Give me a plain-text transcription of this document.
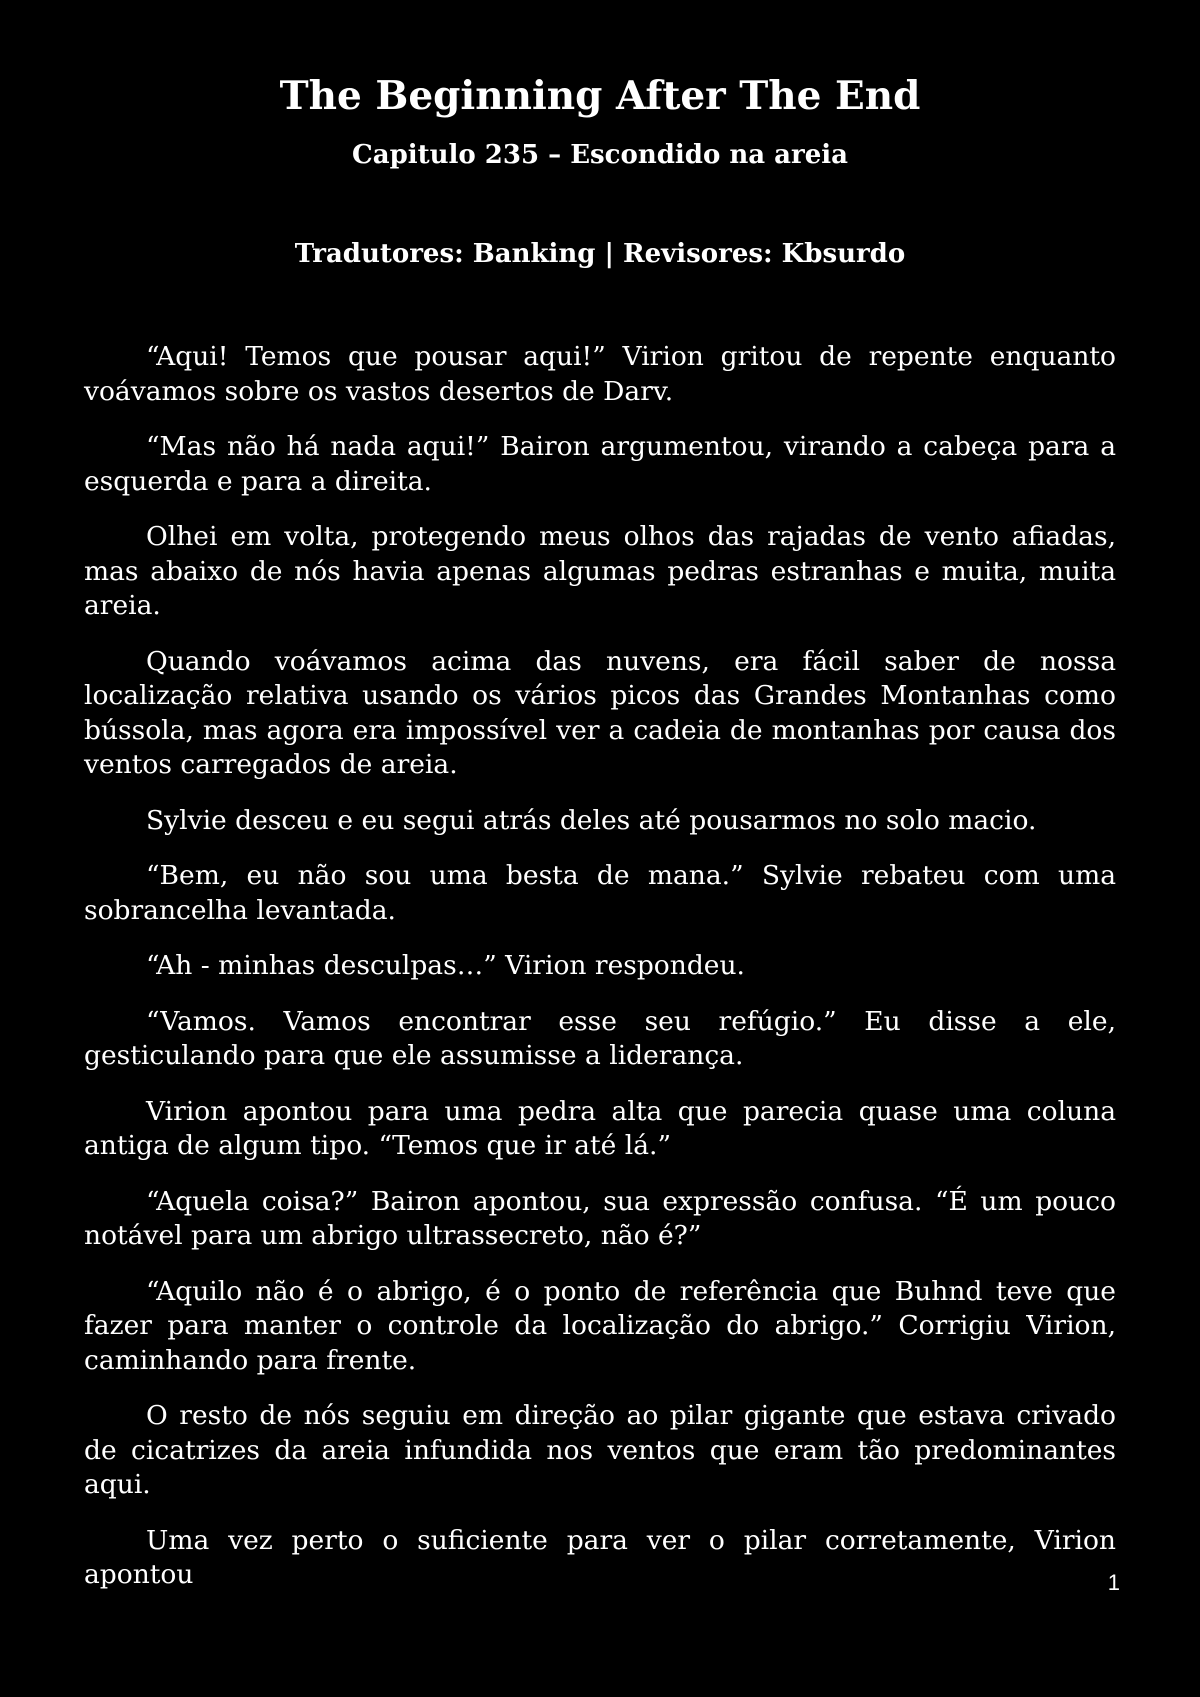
The Beginning After The End
Capitulo 235 – Escondido na areia
Tradutores: Banking | Revisores: Kbsurdo

“Aqui! Temos que pousar aqui!” Virion gritou de repente enquanto voávamos sobre os vastos desertos de Darv.

“Mas não há nada aqui!” Bairon argumentou, virando a cabeça para a esquerda e para a direita.

Olhei em volta, protegendo meus olhos das rajadas de vento afiadas, mas abaixo de nós havia apenas algumas pedras estranhas e muita, muita areia.

Quando voávamos acima das nuvens, era fácil saber de nossa localização relativa usando os vários picos das Grandes Montanhas como bússola, mas agora era impossível ver a cadeia de montanhas por causa dos ventos carregados de areia.

Sylvie desceu e eu segui atrás deles até pousarmos no solo macio.

“Bem, eu não sou uma besta de mana.” Sylvie rebateu com uma sobrancelha levantada.

“Ah - minhas desculpas…” Virion respondeu.

“Vamos. Vamos encontrar esse seu refúgio.” Eu disse a ele, gesticulando para que ele assumisse a liderança.

Virion apontou para uma pedra alta que parecia quase uma coluna antiga de algum tipo. “Temos que ir até lá.”

“Aquela coisa?” Bairon apontou, sua expressão confusa. “É um pouco notável para um abrigo ultrassecreto, não é?”

“Aquilo não é o abrigo, é o ponto de referência que Buhnd teve que fazer para manter o controle da localização do abrigo.” Corrigiu Virion, caminhando para frente.

O resto de nós seguiu em direção ao pilar gigante que estava crivado de cicatrizes da areia infundida nos ventos que eram tão predominantes aqui.

Uma vez perto o suficiente para ver o pilar corretamente, Virion apontou	1
